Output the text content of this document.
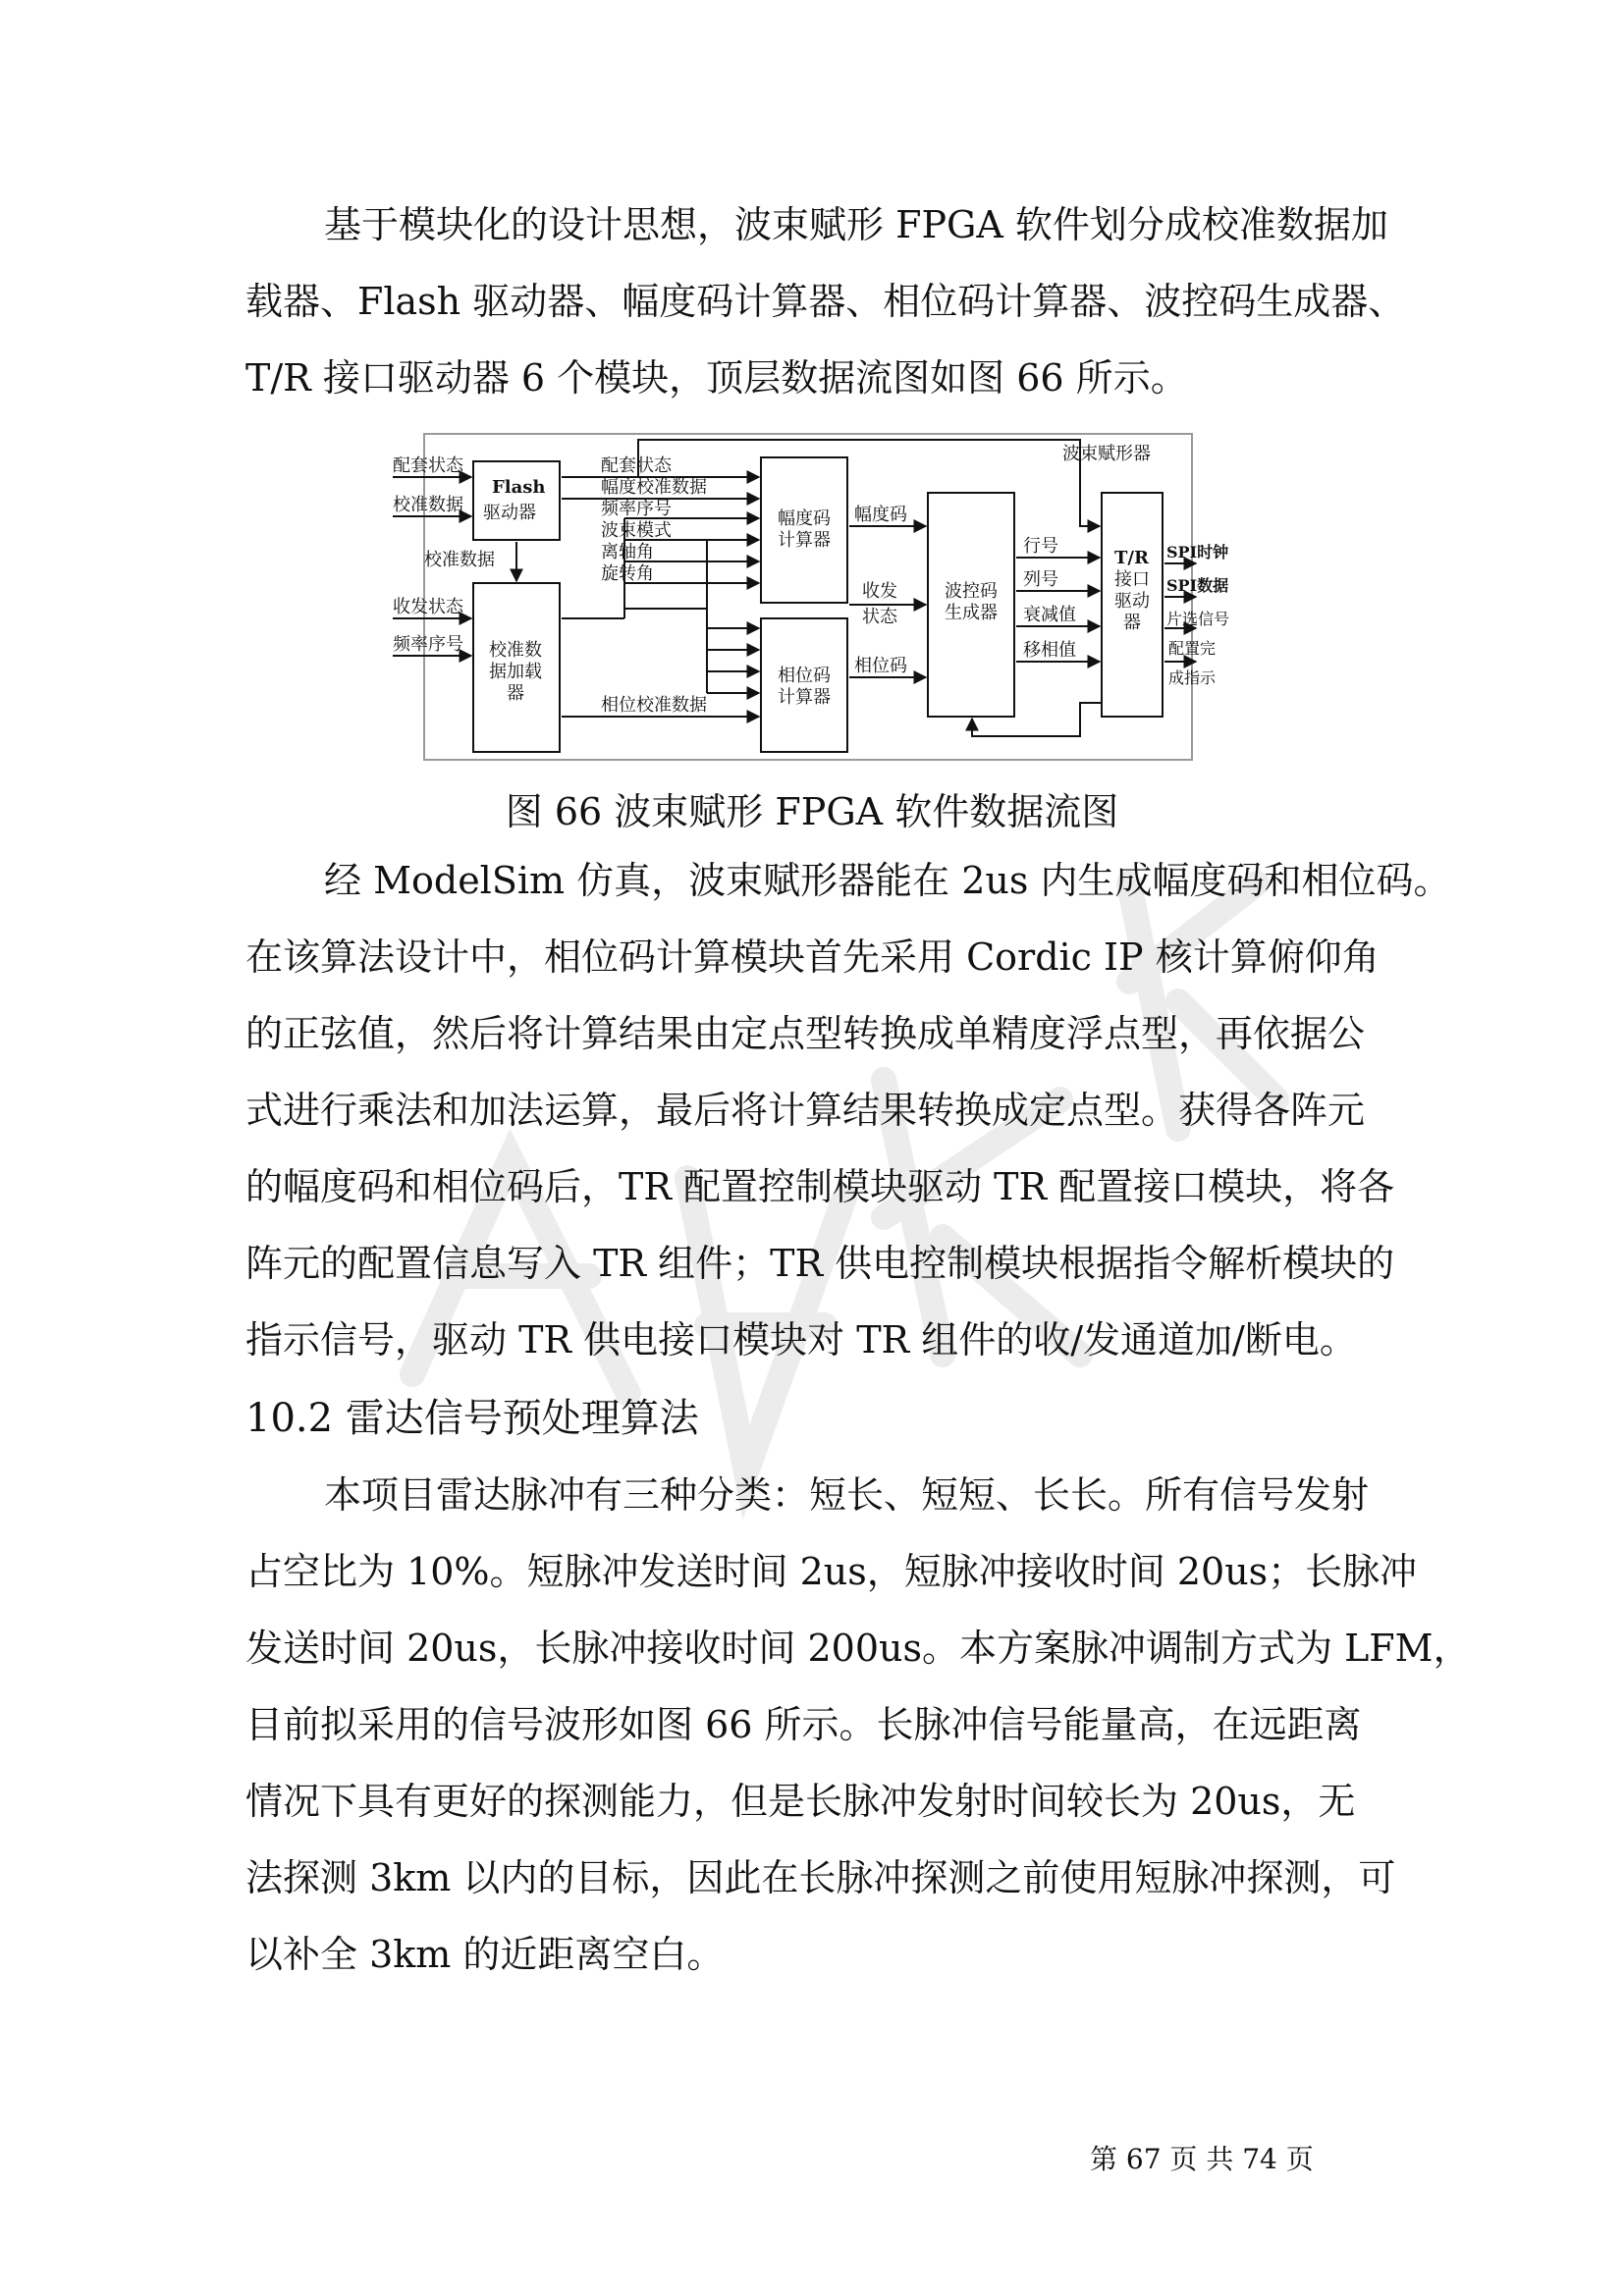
基于模块化的设计思想，波束赋形 FPGA 软件划分成校准数据加
载器、Flash 驱动器、幅度码计算器、相位码计算器、波控码生成器、
T/R 接口驱动器 6 个模块，顶层数据流图如图 66 所示。
波束赋形器
Flash
驱动器
校准数
据加载
器
幅度码
计算器
相位码
计算器
波控码
生成器
T/R
接口
驱动
器
配套状态
校准数据
校准数据
收发状态
频率序号
配套状态
幅度校准数据
频率序号
波束模式
离轴角
旋转角
相位校准数据
幅度码
收发
状态
相位码
行号
列号
衰减值
移相值
SPI时钟
SPI数据
片选信号
配置完
成指示
图 66 波束赋形 FPGA 软件数据流图
经 ModelSim 仿真，波束赋形器能在 2us 内生成幅度码和相位码。
在该算法设计中，相位码计算模块首先采用 Cordic IP 核计算俯仰角
的正弦值，然后将计算结果由定点型转换成单精度浮点型，再依据公
式进行乘法和加法运算，最后将计算结果转换成定点型。获得各阵元
的幅度码和相位码后，TR 配置控制模块驱动 TR 配置接口模块，将各
阵元的配置信息写入 TR 组件；TR 供电控制模块根据指令解析模块的
指示信号，驱动 TR 供电接口模块对 TR 组件的收/发通道加/断电。
10.2 雷达信号预处理算法
本项目雷达脉冲有三种分类：短长、短短、长长。所有信号发射
占空比为 10%。短脉冲发送时间 2us，短脉冲接收时间 20us；长脉冲
发送时间 20us，长脉冲接收时间 200us。本方案脉冲调制方式为 LFM，
目前拟采用的信号波形如图 66 所示。长脉冲信号能量高，在远距离
情况下具有更好的探测能力，但是长脉冲发射时间较长为 20us，无
法探测 3km 以内的目标，因此在长脉冲探测之前使用短脉冲探测，可
以补全 3km 的近距离空白。
第 67 页 共 74 页
